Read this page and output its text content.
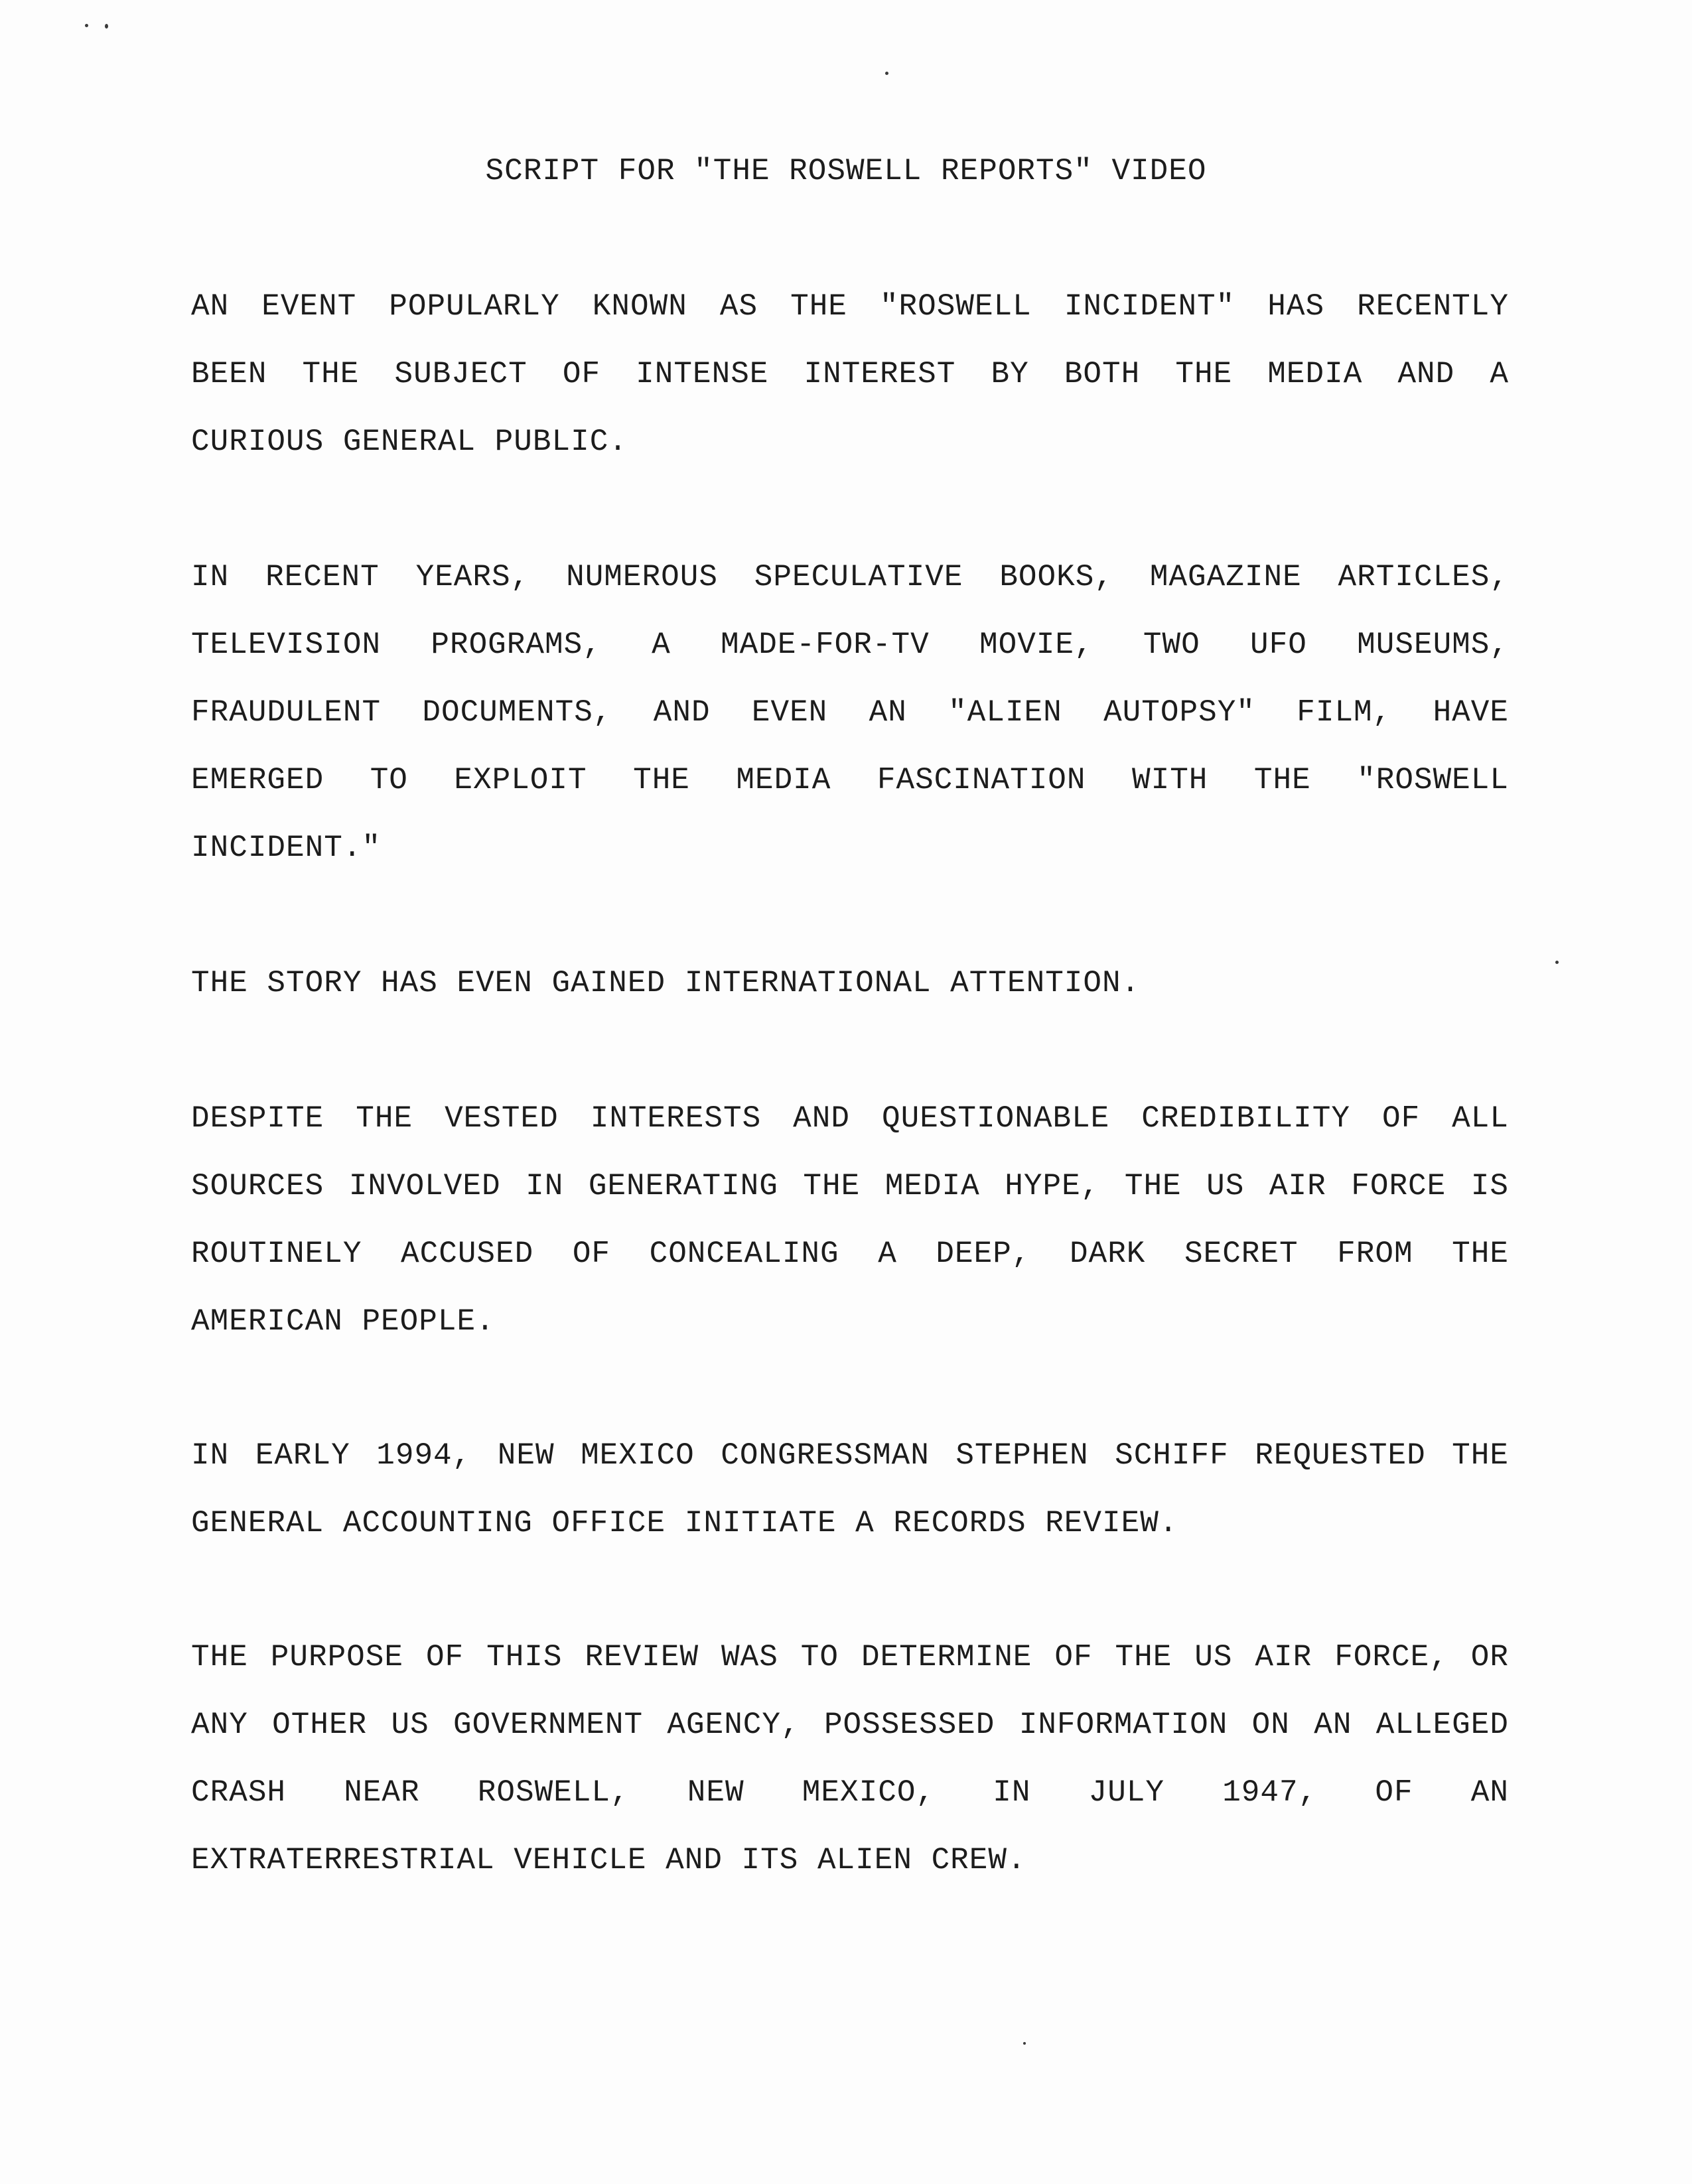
SCRIPT FOR "THE ROSWELL REPORTS" VIDEO
AN EVENT POPULARLY KNOWN AS THE "ROSWELL INCIDENT" HAS RECENTLY
BEEN THE SUBJECT OF INTENSE INTEREST BY BOTH THE MEDIA AND A
CURIOUS GENERAL PUBLIC.
IN RECENT YEARS, NUMEROUS SPECULATIVE BOOKS, MAGAZINE ARTICLES,
TELEVISION PROGRAMS, A MADE-FOR-TV MOVIE, TWO UFO MUSEUMS,
FRAUDULENT DOCUMENTS, AND EVEN AN "ALIEN AUTOPSY" FILM, HAVE
EMERGED TO EXPLOIT THE MEDIA FASCINATION WITH THE "ROSWELL
INCIDENT."
THE STORY HAS EVEN GAINED INTERNATIONAL ATTENTION.
DESPITE THE VESTED INTERESTS AND QUESTIONABLE CREDIBILITY OF ALL
SOURCES INVOLVED IN GENERATING THE MEDIA HYPE, THE US AIR FORCE IS
ROUTINELY ACCUSED OF CONCEALING A DEEP, DARK SECRET FROM THE
AMERICAN PEOPLE.
IN EARLY 1994, NEW MEXICO CONGRESSMAN STEPHEN SCHIFF REQUESTED THE
GENERAL ACCOUNTING OFFICE INITIATE A RECORDS REVIEW.
THE PURPOSE OF THIS REVIEW WAS TO DETERMINE OF THE US AIR FORCE, OR
ANY OTHER US GOVERNMENT AGENCY, POSSESSED INFORMATION ON AN ALLEGED
CRASH NEAR ROSWELL, NEW MEXICO, IN JULY 1947, OF AN
EXTRATERRESTRIAL VEHICLE AND ITS ALIEN CREW.
